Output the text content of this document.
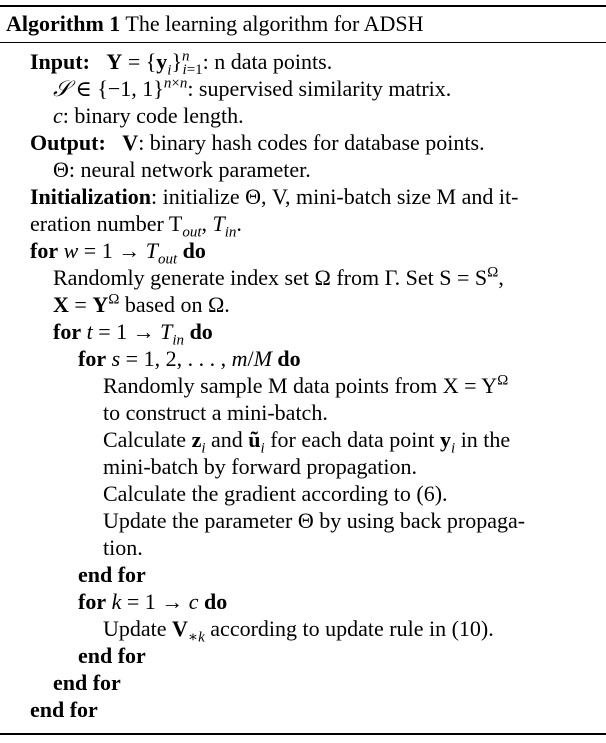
Algorithm 1 The learning algorithm for ADSH
Input: $Y = \{y_i\}^n_{i=1}$: n data points.
𝒮 ∈ {−1, 1}$^{n\times n}$: supervised similarity matrix.
c: binary code length.
Output: V: binary hash codes for database points.
Θ: neural network parameter.
Initialization: initialize Θ, V, mini-batch size M and it-
eration number $T_{out}$, $T_{in}$.
for $w = 1 \to T_{out}$ do
Randomly generate index set Ω from Γ. Set $S = S^\Omega$,
$X = Y^\Omega$ based on Ω.
for $t = 1 \to T_{in}$ do
for s = 1, 2, . . . , m/M do
Randomly sample M data points from $X = Y^\Omega$
to construct a mini-batch.
Calculate $z_i$ and $ũ_i$ for each data point $y_i$ in the
mini-batch by forward propagation.
Calculate the gradient according to (6).
Update the parameter Θ by using back propaga-
tion.
end for
for k = 1 → c do
Update $V_{∗k}$ according to update rule in (10).
end for
end for
end for
